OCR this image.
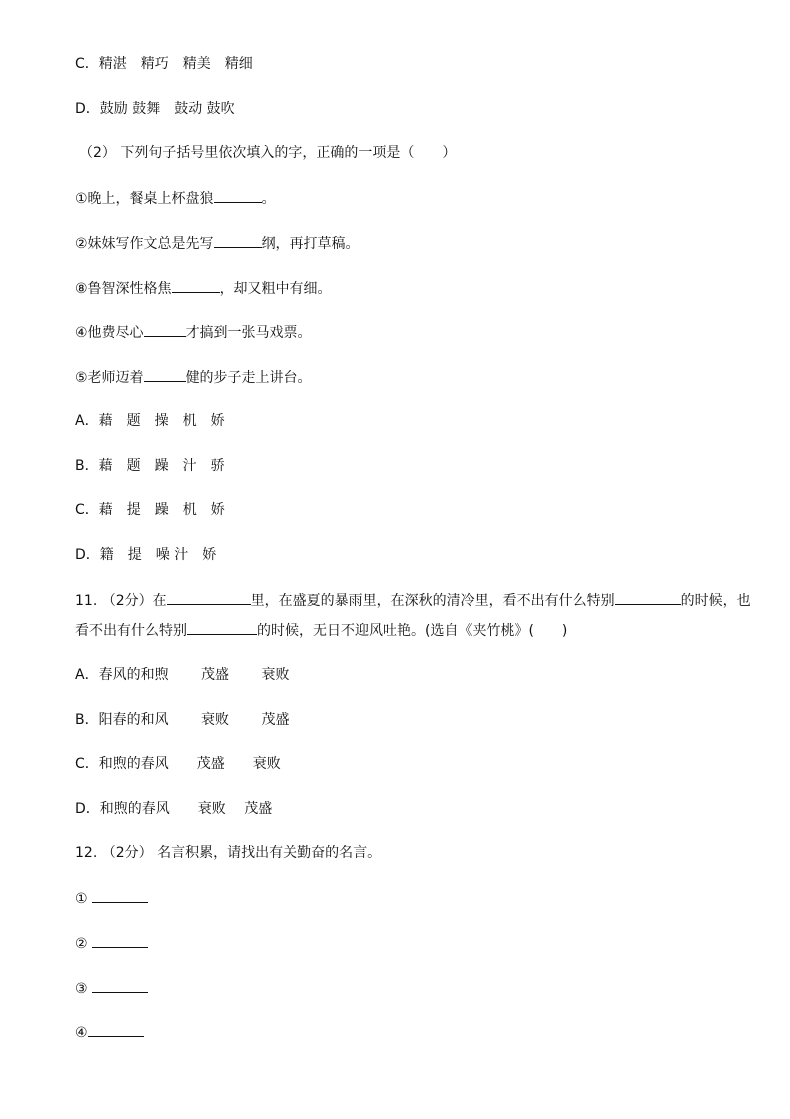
C．精湛　精巧　精美　精细
D．鼓励 鼓舞　鼓动 鼓吹
（2） 下列句子括号里依次填入的字，正确的一项是（　　）
①晚上，餐桌上杯盘狼	。
②妹妹写作文总是先写	纲，再打草稿。
⑧鲁智深性格焦	，却又粗中有细。
④他费尽心	才搞到一张马戏票。
⑤老师迈着	健的步子走上讲台。
A．藉　题　操　机　娇
B．藉　题　躁　汁　骄
C．藉　提　躁　机　娇
D．籍　提　噪 汁　娇
11. （2分）在	里，在盛夏的暴雨里，在深秋的清冷里，看不出有什么特别	的时候，也
看不出有什么特别	的时候，无日不迎风吐艳。(选自《夹竹桃》(　　)
A．春风的和煦　　 茂盛　　 衰败
B．阳春的和风　　 衰败　　 茂盛
C．和煦的春风　　茂盛　　衰败
D．和煦的春风　　衰败　 茂盛
12. （2分） 名言积累，请找出有关勤奋的名言。
①
②
③
④
